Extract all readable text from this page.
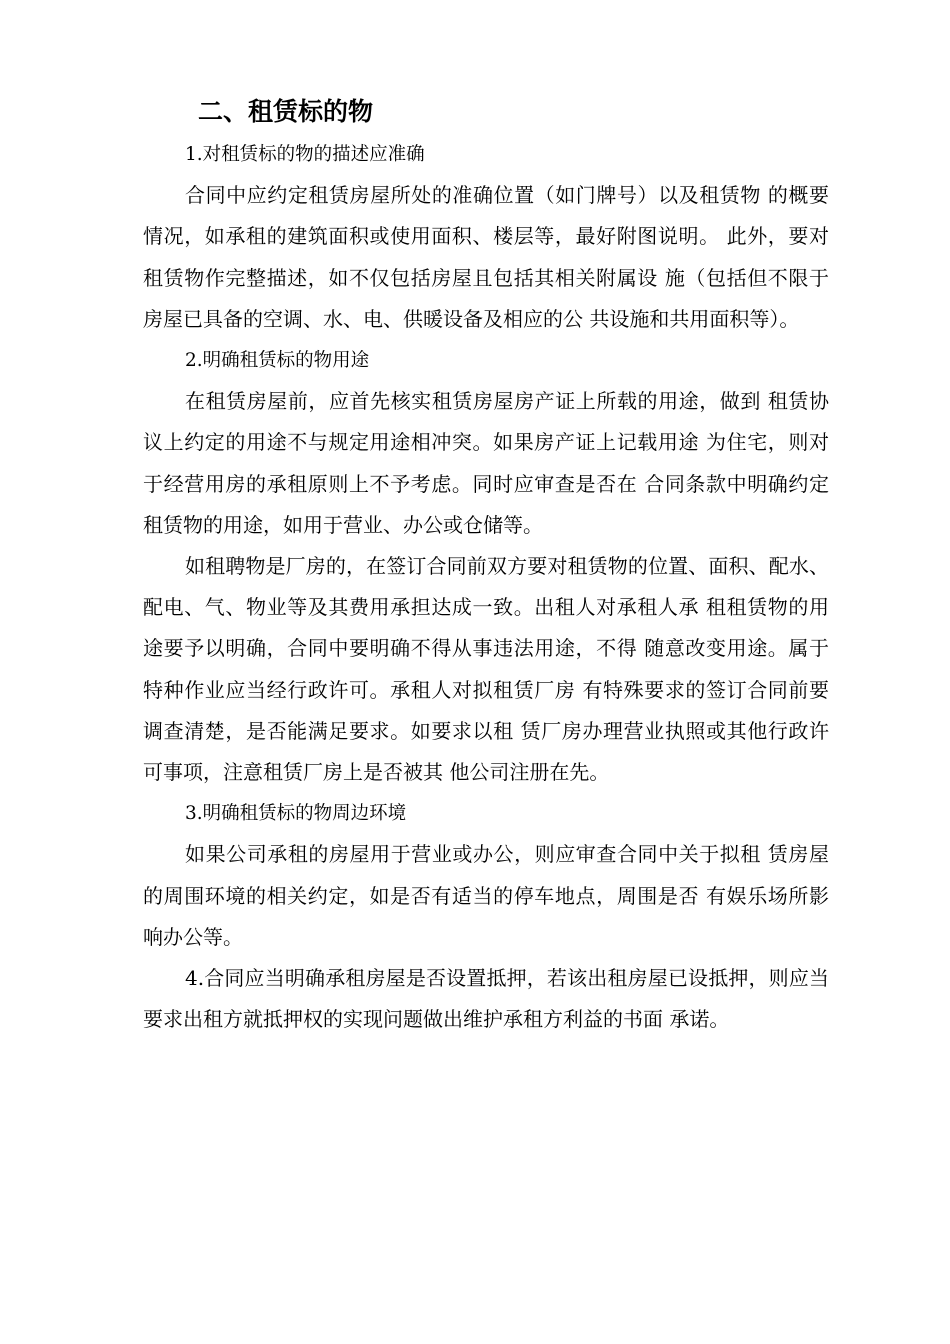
二、租赁标的物

1.对租赁标的物的描述应准确

合同中应约定租赁房屋所处的准确位置（如门牌号）以及租赁物 的概要情况，如承租的建筑面积或使用面积、楼层等，最好附图说明。 此外，要对租赁物作完整描述，如不仅包括房屋且包括其相关附属设 施（包括但不限于房屋已具备的空调、水、电、供暖设备及相应的公 共设施和共用面积等）。

2.明确租赁标的物用途

在租赁房屋前，应首先核实租赁房屋房产证上所载的用途，做到 租赁协议上约定的用途不与规定用途相冲突。如果房产证上记载用途 为住宅，则对于经营用房的承租原则上不予考虑。同时应审查是否在 合同条款中明确约定租赁物的用途，如用于营业、办公或仓储等。

如租聘物是厂房的，在签订合同前双方要对租赁物的位置、面积、配水、配电、气、物业等及其费用承担达成一致。出租人对承租人承 租租赁物的用途要予以明确，合同中要明确不得从事违法用途，不得 随意改变用途。属于特种作业应当经行政许可。承租人对拟租赁厂房 有特殊要求的签订合同前要调查清楚，是否能满足要求。如要求以租 赁厂房办理营业执照或其他行政许可事项，注意租赁厂房上是否被其 他公司注册在先。

3.明确租赁标的物周边环境

如果公司承租的房屋用于营业或办公，则应审查合同中关于拟租 赁房屋的周围环境的相关约定，如是否有适当的停车地点，周围是否 有娱乐场所影响办公等。

4.合同应当明确承租房屋是否设置抵押，若该出租房屋已设抵押，则应当要求出租方就抵押权的实现问题做出维护承租方利益的书面 承诺。
